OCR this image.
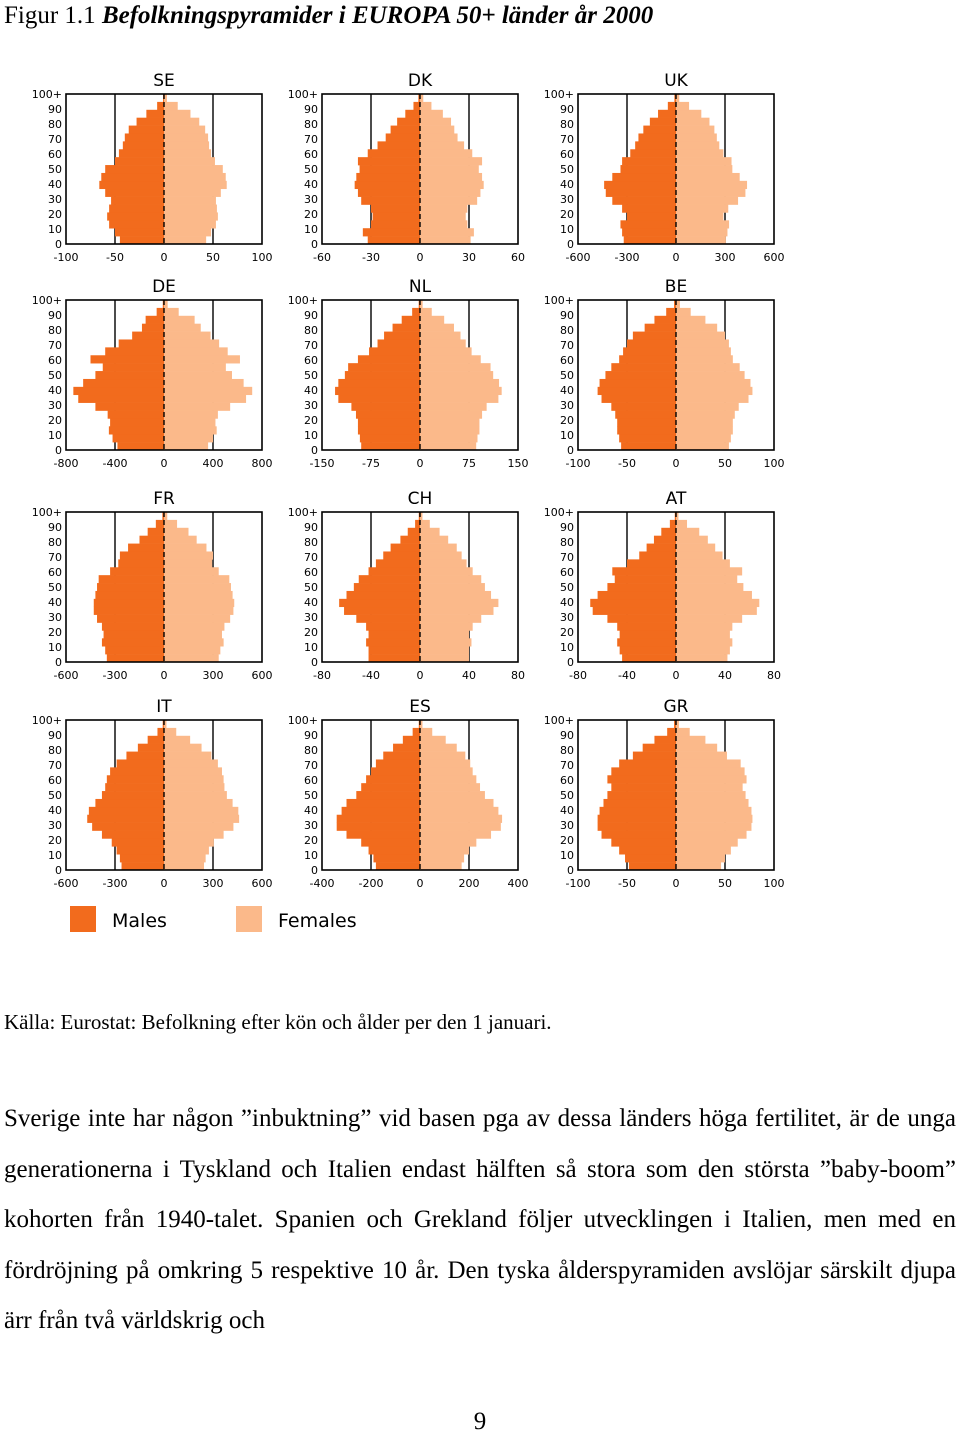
Figur 1.1 Befolkningspyramider i EUROPA 50+ länder år 2000
SE
100+
90
80
70
60
50
40
30
20
10
0
-100	-50	0	50	100
DK
100+
90
80
70
60
50
40
30
20
10
0
-60	-30	0	30	60
UK
100+
90
80
70
60
50
40
30
20
10
0
-600 -300	0	300	600
DE
100+
90
80
70
60
50
40
30
20
10
0
-800 -400	0	400	800
NL
100+
90
80
70
60
50
40
30
20
10
0
-150	-75	0	75	150
BE
100+
90
80
70
60
50
40
30
20
10
0
-100	-50	0	50	100
FR
100+
90
80
70
60
50
40
30
20
10
0
-600 -300	0	300	600
CH
100+
90
80
70
60
50
40
30
20
10
0
-80	-40	0	40	80
AT
100+
90
80
70
60
50
40
30
20
10
0
-80	-40	0	40	80
IT
100+
90
80
70
60
50
40
30
20
10
0
-600 -300	0	300	600
ES
100+
90
80
70
60
50
40
30
20
10
0
-400 -200	0	200	400
GR
100+
90
80
70
60
50
40
30
20
10
0
-100	-50	0	50	100
Males	Females
Källa: Eurostat: Befolkning efter kön och ålder per den 1 januari.

Sverige inte har någon ”inbuktning” vid basen pga av dessa länders höga fertilitet, är de unga generationerna i Tyskland och Italien endast hälften så stora som den största ”baby-boom” kohorten från 1940-talet. Spanien och Grekland följer utvecklingen i Italien, men med en fördröjning på omkring 5 respektive 10 år. Den tyska ålderspyramiden avslöjar särskilt djupa ärr från två världskrig och

9
